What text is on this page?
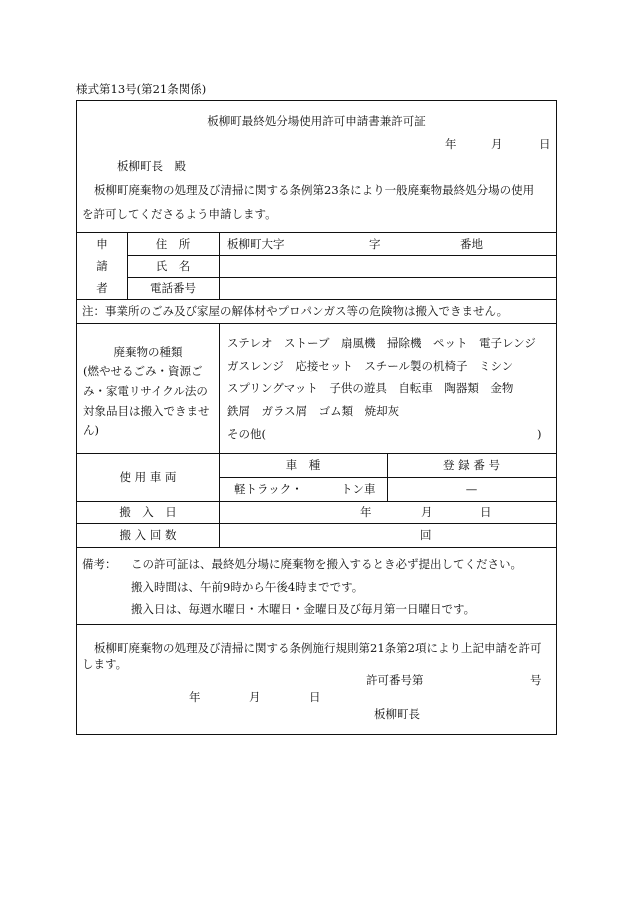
様式第13号(第21条関係)
板柳町最終処分場使用許可申請書兼許可証
年	月	日
板柳町長　殿
板柳町廃棄物の処理及び清掃に関する条例第23条により一般廃棄物最終処分場の使用
を許可してくださるよう申請します。
申
請
者
住　所	板柳町大字	字	番地
氏　名
電話番号
注：事業所のごみ及び家屋の解体材やプロパンガス等の危険物は搬入できません。
廃棄物の種類
(燃やせるごみ・資源ご
み・家電リサイクル法の
対象品目は搬入できませ
ん)
ステレオ　ストーブ　扇風機　掃除機　ペット　電子レンジ
ガスレンジ　応接セット　スチール製の机椅子　ミシン
スプリングマット　子供の遊具　自転車　陶器類　金物
鉄屑　ガラス屑　ゴム類　焼却灰
その他(	)
使 用 車 両
車　種	登 録 番 号
軽トラック・	トン車	—
搬　入　日	年	月	日
搬 入 回 数	回
備考： この許可証は、最終処分場に廃棄物を搬入するとき必ず提出してください。
搬入時間は、午前9時から午後4時までです。
搬入日は、毎週水曜日・木曜日・金曜日及び毎月第一日曜日です。
板柳町廃棄物の処理及び清掃に関する条例施行規則第21条第2項により上記申請を許可
します。
許可番号第	号
年	月	日
板柳町長
